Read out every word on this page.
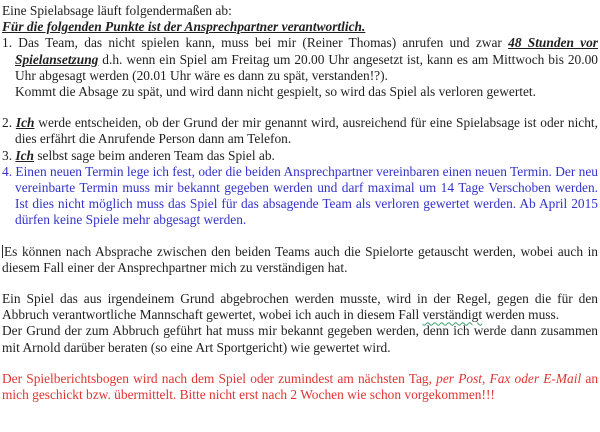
Eine Spielabsage läuft folgendermaßen ab:

Für die folgenden Punkte ist der Ansprechpartner verantwortlich.

1. Das Team, das nicht spielen kann, muss bei mir (Reiner Thomas) anrufen und zwar 48 Stunden vor Spielansetzung d.h. wenn ein Spiel am Freitag um 20.00 Uhr angesetzt ist, kann es am Mittwoch bis 20.00 Uhr abgesagt werden (20.01 Uhr wäre es dann zu spät, verstanden!?).
Kommt die Absage zu spät, und wird dann nicht gespielt, so wird das Spiel als verloren gewertet.

2. Ich werde entscheiden, ob der Grund der mir genannt wird, ausreichend für eine Spielabsage ist oder nicht, dies erfährt die Anrufende Person dann am Telefon.

3. Ich selbst sage beim anderen Team das Spiel ab.

4. Einen neuen Termin lege ich fest, oder die beiden Ansprechpartner vereinbaren einen neuen Termin. Der neu vereinbarte Termin muss mir bekannt gegeben werden und darf maximal um 14 Tage Verschoben werden. Ist dies nicht möglich muss das Spiel für das absagende Team als verloren gewertet werden. Ab April 2015 dürfen keine Spiele mehr abgesagt werden.

Es können nach Absprache zwischen den beiden Teams auch die Spielorte getauscht werden, wobei auch in diesem Fall einer der Ansprechpartner mich zu verständigen hat.

Ein Spiel das aus irgendeinem Grund abgebrochen werden musste, wird in der Regel, gegen die für den Abbruch verantwortliche Mannschaft gewertet, wobei ich auch in diesem Fall verständigt werden muss.
Der Grund der zum Abbruch geführt hat muss mir bekannt gegeben werden, denn ich werde dann zusammen mit Arnold darüber beraten (so eine Art Sportgericht) wie gewertet wird.

Der Spielberichtsbogen wird nach dem Spiel oder zumindest am nächsten Tag, per Post, Fax oder E-Mail an mich geschickt bzw. übermittelt. Bitte nicht erst nach 2 Wochen wie schon vorgekommen!!!
